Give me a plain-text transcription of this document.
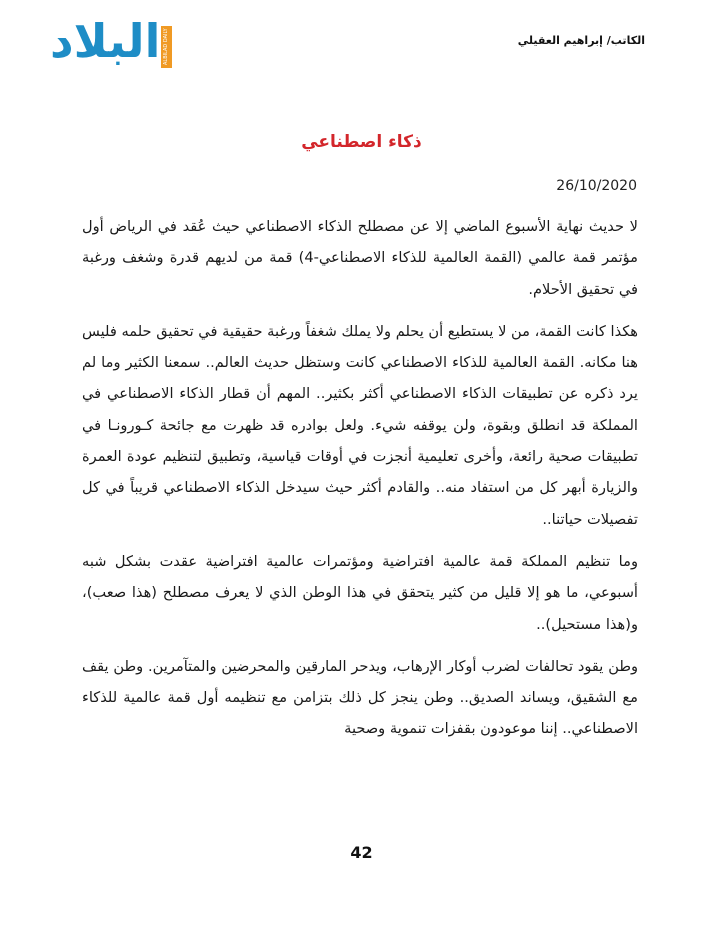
البلاد ALBILAD DAILY	الكاتب/ إبراهيم العقيلي
ذكاء اصطناعي
26/10/2020

لا حديث نهاية الأسبوع الماضي إلا عن مصطلح الذكاء الاصطناعي حيث عُقد في الرياض أول مؤتمر قمة عالمي (القمة العالمية للذكاء الاصطناعي-4) قمة من لديهم قدرة وشغف ورغبة في تحقيق الأحلام.

هكذا كانت القمة، من لا يستطيع أن يحلم ولا يملك شغفاً ورغبة حقيقية في تحقيق حلمه فليس هنا مكانه. القمة العالمية للذكاء الاصطناعي كانت وستظل حديث العالم.. سمعنا الكثير وما لم يرد ذكره عن تطبيقات الذكاء الاصطناعي أكثر بكثير.. المهم أن قطار الذكاء الاصطناعي في المملكة قد انطلق وبقوة، ولن يوقفه شيء. ولعل بوادره قد ظهرت مع جائحة كـورونـا في تطبيقات صحية رائعة، وأخرى تعليمية أنجزت في أوقات قياسية، وتطبيق لتنظيم عودة العمرة والزيارة أبهر كل من استفاد منه.. والقادم أكثر حيث سيدخل الذكاء الاصطناعي قريباً في كل تفصيلات حياتنا..

وما تنظيم المملكة قمة عالمية افتراضية ومؤتمرات عالمية افتراضية عقدت بشكل شبه أسبوعي، ما هو إلا قليل من كثير يتحقق في هذا الوطن الذي لا يعرف مصطلح (هذا صعب)، و(هذا مستحيل)..

وطن يقود تحالفات لضرب أوكار الإرهاب، ويدحر المارقين والمحرضين والمتآمرين. وطن يقف مع الشقيق، ويساند الصديق.. وطن ينجز كل ذلك بتزامن مع تنظيمه أول قمة عالمية للذكاء الاصطناعي.. إننا موعودون بقفزات تنموية وصحية

42
